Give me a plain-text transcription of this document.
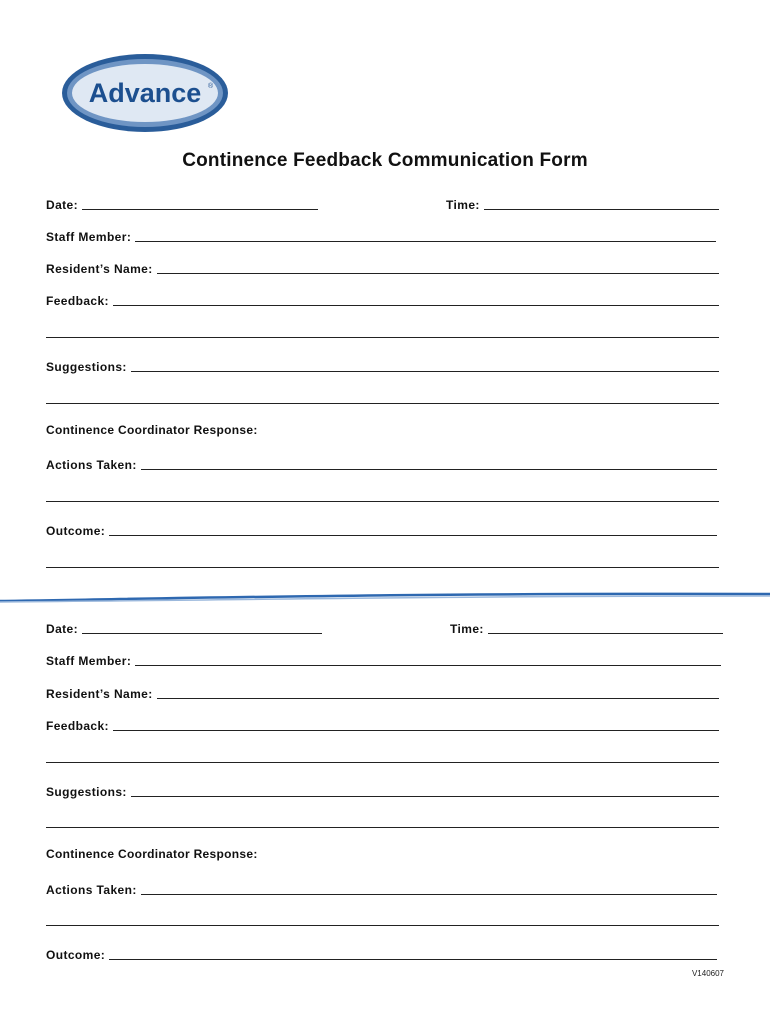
Advance ®
Continence Feedback Communication Form
Date:	Time:
Staff Member:
Resident’s Name:
Feedback:
Suggestions:
Continence Coordinator Response:
Actions Taken:
Outcome:
Date:	Time:
Staff Member:
Resident’s Name:
Feedback:
Suggestions:
Continence Coordinator Response:
Actions Taken:
Outcome:
V140607
